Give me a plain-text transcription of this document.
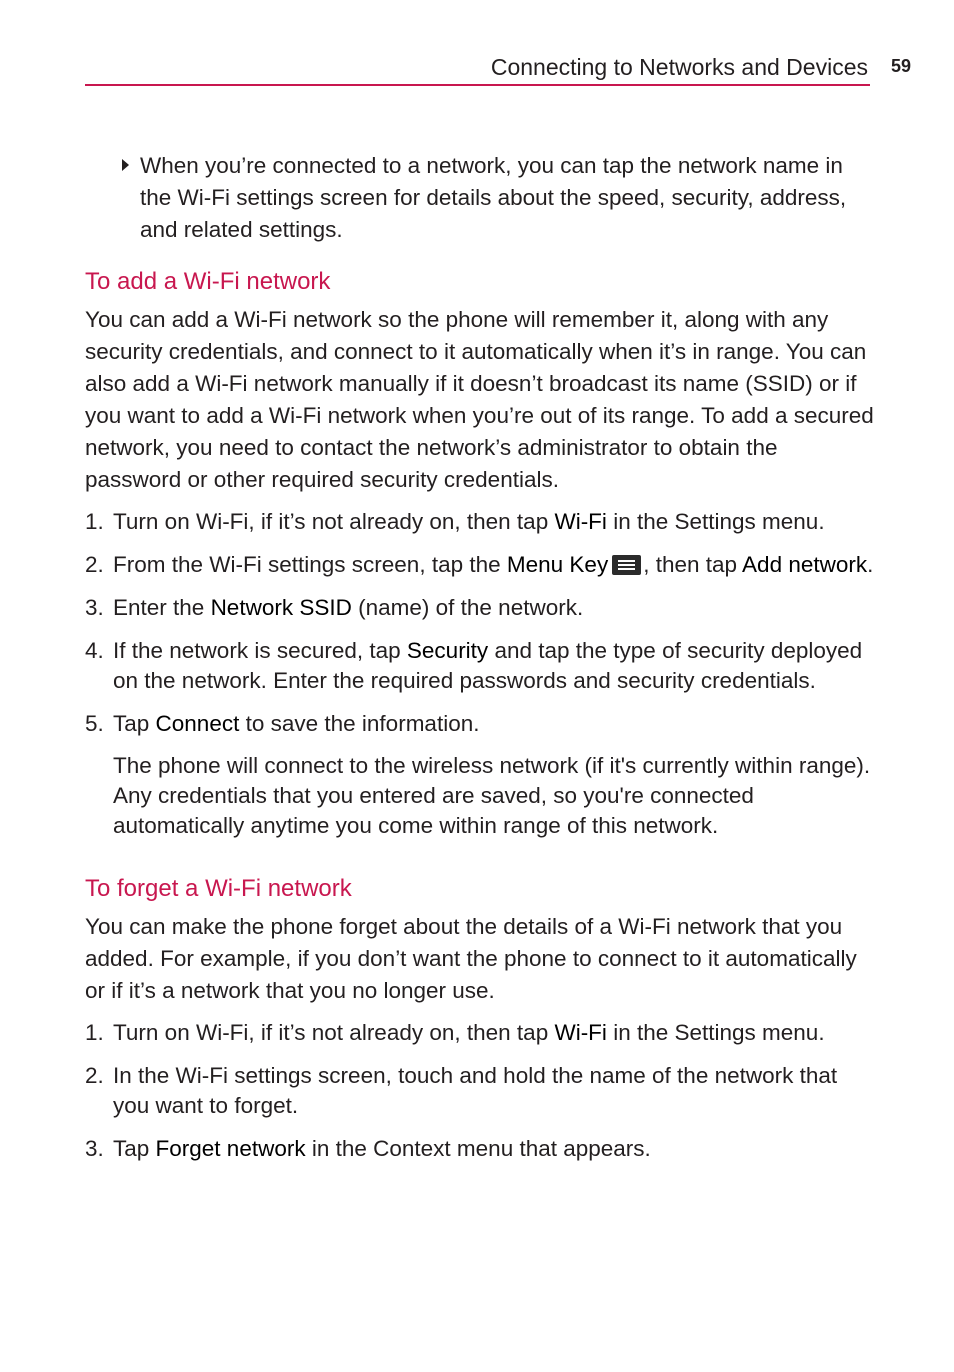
Connecting to Networks and Devices 59

When you’re connected to a network, you can tap the network name in the Wi-Fi settings screen for details about the speed, security, address, and related settings.

To add a Wi-Fi network

You can add a Wi-Fi network so the phone will remember it, along with any security credentials, and connect to it automatically when it’s in range. You can also add a Wi-Fi network manually if it doesn’t broadcast its name (SSID) or if you want to add a Wi-Fi network when you’re out of its range. To add a secured network, you need to contact the network’s administrator to obtain the password or other required security credentials.

1. Turn on Wi-Fi, if it’s not already on, then tap Wi-Fi in the Settings menu.
2. From the Wi-Fi settings screen, tap the Menu Key , then tap Add network.
3. Enter the Network SSID (name) of the network.
4. If the network is secured, tap Security and tap the type of security deployed on the network. Enter the required passwords and security credentials.
5. Tap Connect to save the information.

The phone will connect to the wireless network (if it's currently within range). Any credentials that you entered are saved, so you're connected automatically anytime you come within range of this network.

To forget a Wi-Fi network

You can make the phone forget about the details of a Wi-Fi network that you added. For example, if you don’t want the phone to connect to it automatically or if it’s a network that you no longer use.

1. Turn on Wi-Fi, if it’s not already on, then tap Wi-Fi in the Settings menu.
2. In the Wi-Fi settings screen, touch and hold the name of the network that you want to forget.
3. Tap Forget network in the Context menu that appears.
